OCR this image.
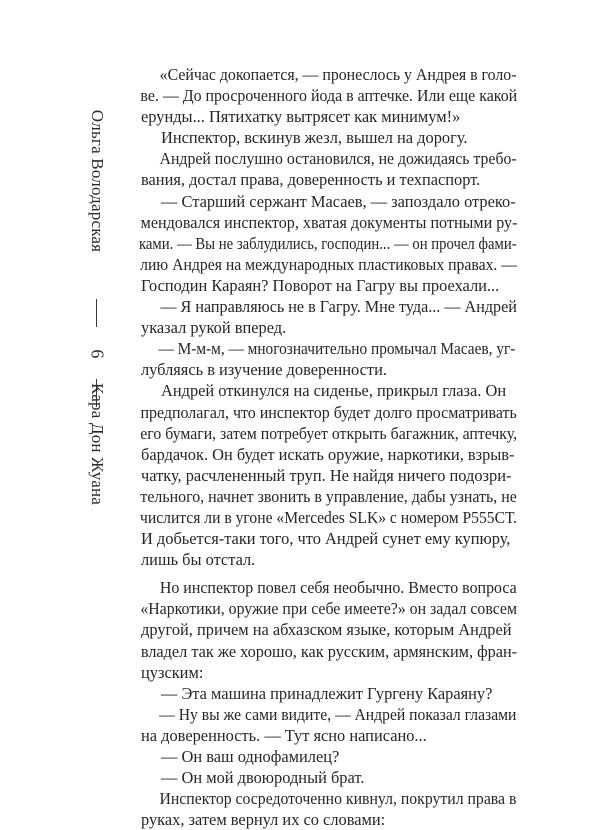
Ольга Володарская
6
Кара Дон Жуана

«Сейчас докопается, — пронеслось у Андрея в голо-
ве. — До просроченного йода в аптечке. Или еще какой
ерунды... Пятихатку вытрясет как минимум!»

Инспектор, вскинув жезл, вышел на дорогу.

Андрей послушно остановился, не дожидаясь требо-
вания, достал права, доверенность и техпаспорт.

— Старший сержант Масаев, — запоздало отреко-
мендовался инспектор, хватая документы потными ру-
ками. — Вы не заблудились, господин... — он прочел фами-
лию Андрея на международных пластиковых правах. —
Господин Караян? Поворот на Гагру вы проехали...

— Я направляюсь не в Гагру. Мне туда... — Андрей
указал рукой вперед.

— М-м-м, — многозначительно промычал Масаев, уг-
лубляясь в изучение доверенности.

Андрей откинулся на сиденье, прикрыл глаза. Он
предполагал, что инспектор будет долго просматривать
его бумаги, затем потребует открыть багажник, аптечку,
бардачок. Он будет искать оружие, наркотики, взрыв-
чатку, расчлененный труп. Не найдя ничего подозри-
тельного, начнет звонить в управление, дабы узнать, не
числится ли в угоне «Mercedes SLK» с номером Р555СТ.
И добьется-таки того, что Андрей сунет ему купюру,
лишь бы отстал.

Но инспектор повел себя необычно. Вместо вопроса
«Наркотики, оружие при себе имеете?» он задал совсем
другой, причем на абхазском языке, которым Андрей
владел так же хорошо, как русским, армянским, фран-
цузским:

— Эта машина принадлежит Гургену Караяну?

— Ну вы же сами видите, — Андрей показал глазами
на доверенность. — Тут ясно написано...

— Он ваш однофамилец?

— Он мой двоюродный брат.

Инспектор сосредоточенно кивнул, покрутил права в
руках, затем вернул их со словами:
